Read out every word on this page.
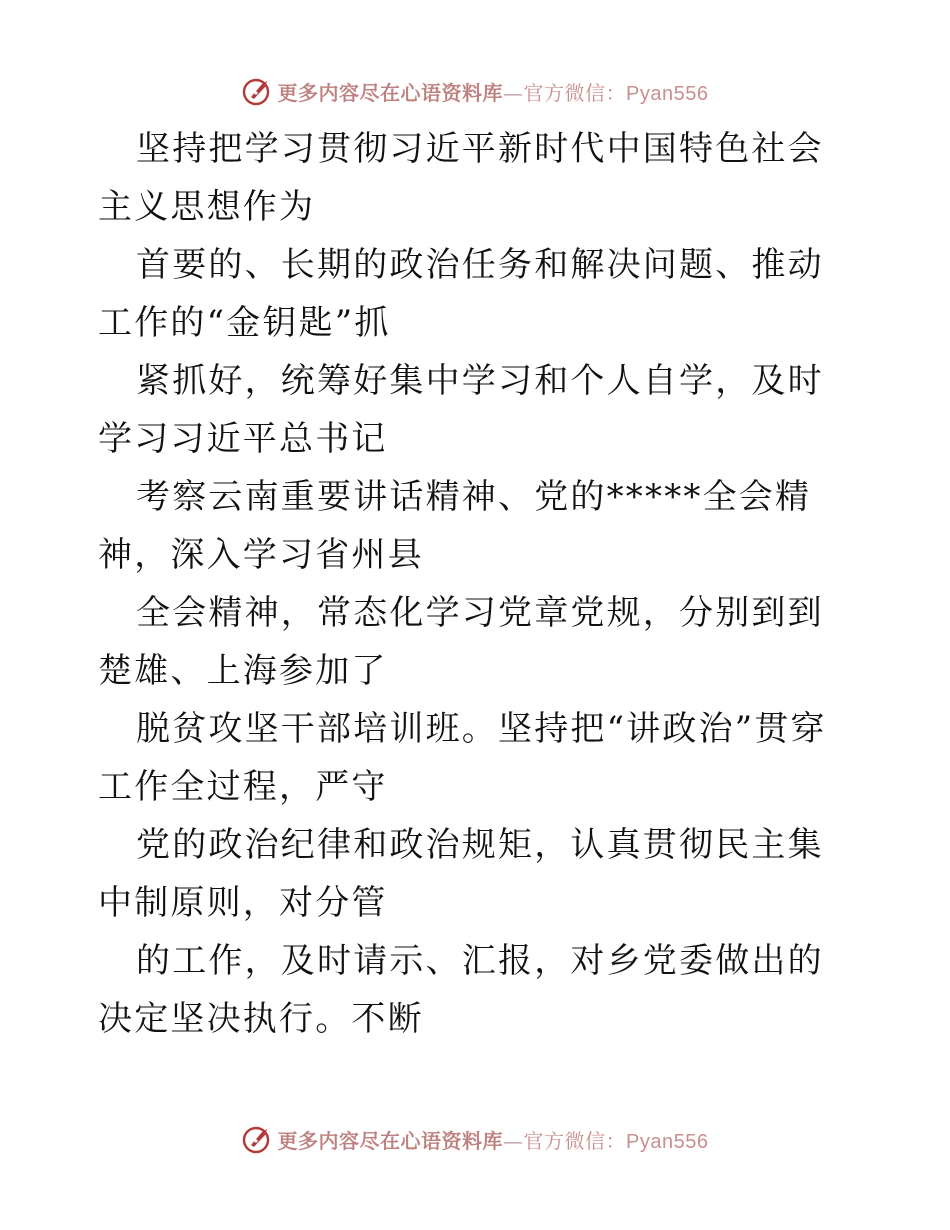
更多内容尽在心语资料库—官方微信：Pyan556

坚持把学习贯彻习近平新时代中国特色社会主义思想作为

首要的、长期的政治任务和解决问题、推动工作的“金钥匙”抓

紧抓好，统筹好集中学习和个人自学，及时学习习近平总书记

考察云南重要讲话精神、党的*****全会精神，深入学习省州县

全会精神，常态化学习党章党规，分别到到楚雄、上海参加了

脱贫攻坚干部培训班。坚持把“讲政治”贯穿工作全过程，严守

党的政治纪律和政治规矩，认真贯彻民主集中制原则，对分管

的工作，及时请示、汇报，对乡党委做出的决定坚决执行。不断

更多内容尽在心语资料库—官方微信：Pyan556
